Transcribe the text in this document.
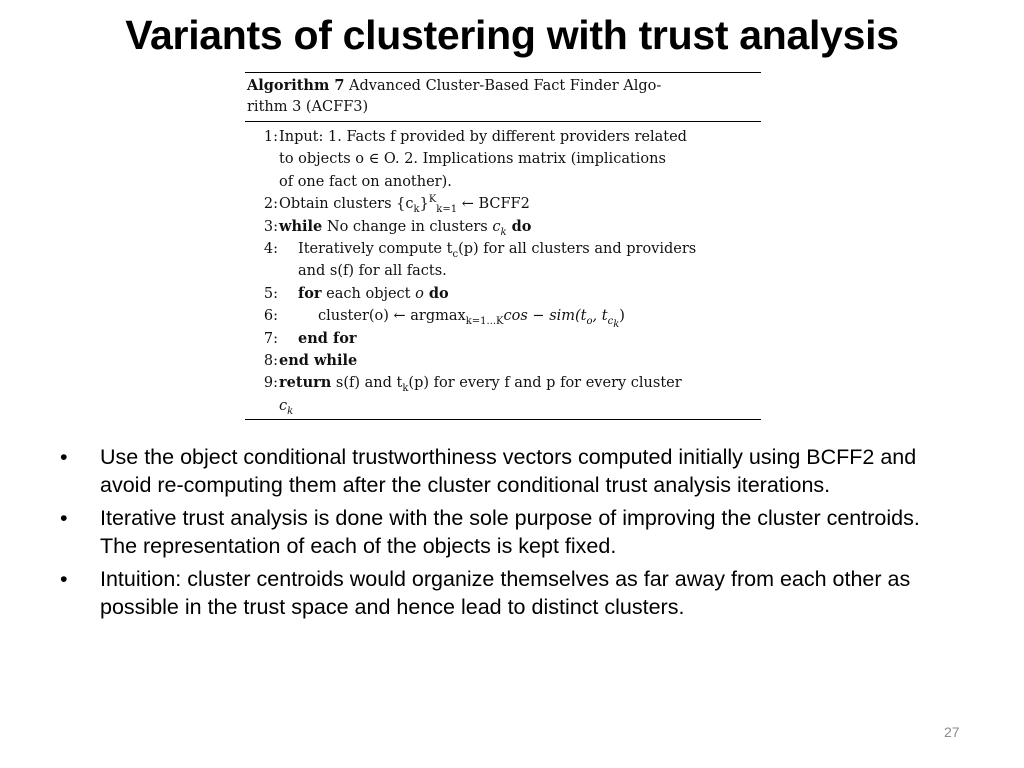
Variants of clustering with trust analysis
Algorithm 7 Advanced Cluster-Based Fact Finder Algo-
rithm 3 (ACFF3)
1: Input: 1. Facts f provided by different providers related
to objects o ∈ O. 2. Implications matrix (implications
of one fact on another).
2: Obtain clusters $\{c_k\}^K_{k=1}$ ← BCFF2
3: while No change in clusters $c_k$ do
4:	Iteratively compute $t_c(p)$ for all clusters and providers
and s(f) for all facts.
5:	for each object o do
6:	cluster(o) ← $argmax_{k=1...K}\cos - sim(t_o$, $t_{c_k}$)
7:	end for
8: end while
9: return s(f) and $t_k(p)$ for every f and p for every cluster
$c_k$
• Use the object conditional trustworthiness vectors computed initially using BCFF2 and avoid re-computing them after the cluster conditional trust analysis iterations.
• Iterative trust analysis is done with the sole purpose of improving the cluster centroids. The representation of each of the objects is kept fixed.
• Intuition: cluster centroids would organize themselves as far away from each other as possible in the trust space and hence lead to distinct clusters.
27
